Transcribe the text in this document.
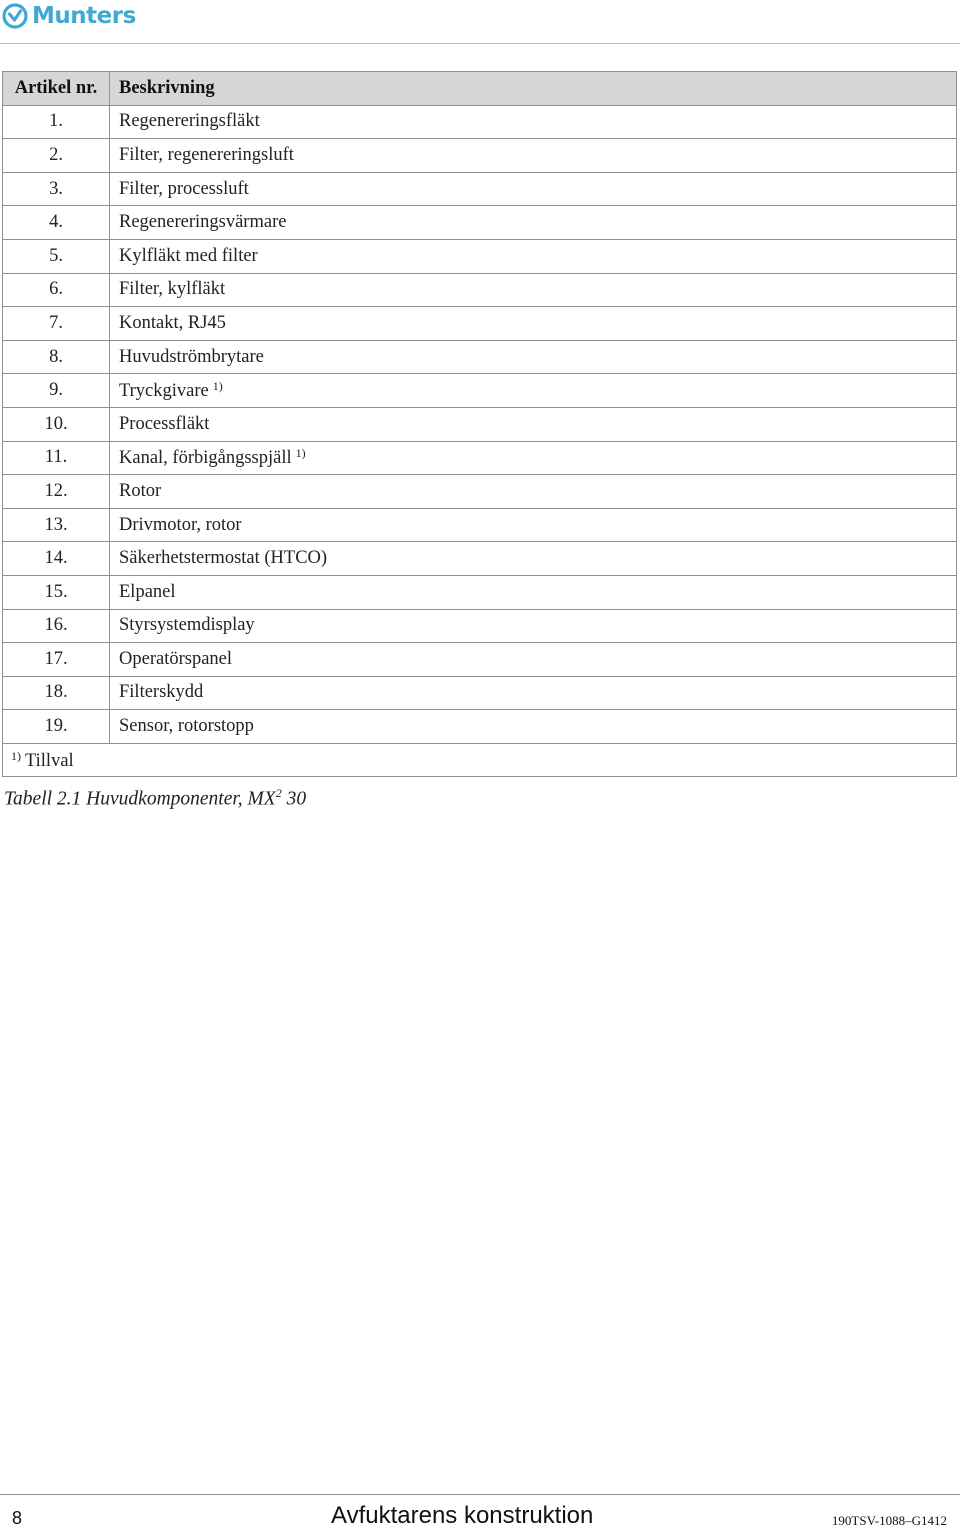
Munters
Artikel nr.	Beskrivning
1.	Regenereringsfläkt
2.	Filter, regenereringsluft
3.	Filter, processluft
4.	Regenereringsvärmare
5.	Kylfläkt med filter
6.	Filter, kylfläkt
7.	Kontakt, RJ45
8.	Huvudströmbrytare
9.	Tryckgivare $^{1)}$
10.	Processfläkt
11.	Kanal, förbigångsspjäll $^{1)}$
12.	Rotor
13.	Drivmotor, rotor
14.	Säkerhetstermostat (HTCO)
15.	Elpanel
16.	Styrsystemdisplay
17.	Operatörspanel
18.	Filterskydd
19.	Sensor, rotorstopp
$^{1)}$ Tillval	
Tabell 2.1 Huvudkomponenter, $MX^2$ 30
8	Avfuktarens konstruktion	190TSV-1088–G1412
